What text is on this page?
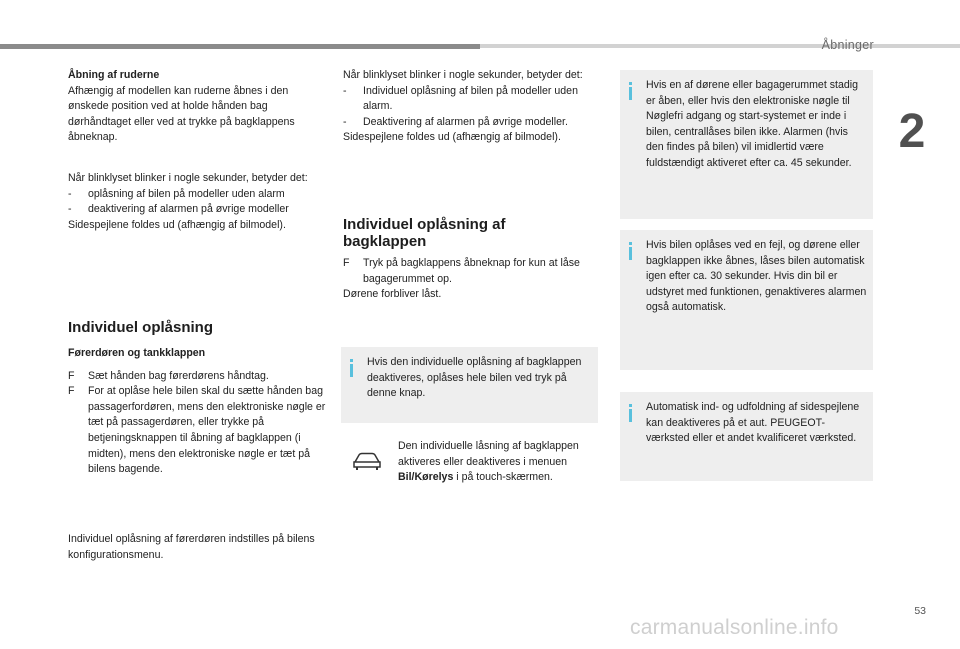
Åbninger
2

Åbning af ruderne

Afhængig af modellen kan ruderne åbnes i den ønskede position ved at holde hånden bag dørhåndtaget eller ved at trykke på bagklappens åbneknap.

Når blinklyset blinker i nogle sekunder, betyder det:

- oplåsning af bilen på modeller uden alarm

- deaktivering af alarmen på øvrige modeller

Sidespejlene foldes ud (afhængig af bilmodel).

Individuel oplåsning

Førerdøren og tankklappen

F Sæt hånden bag førerdørens håndtag.

F For at oplåse hele bilen skal du sætte hånden bag passagerfordøren, mens den elektroniske nøgle er tæt på passagerdøren, eller trykke på betjeningsknappen til åbning af bagklappen (i midten), mens den elektroniske nøgle er tæt på bilens bagende.

Individuel oplåsning af førerdøren indstilles på bilens konfigurationsmenu.

Når blinklyset blinker i nogle sekunder, betyder det:

- Individuel oplåsning af bilen på modeller uden alarm.

- Deaktivering af alarmen på øvrige modeller.

Sidespejlene foldes ud (afhængig af bilmodel).

Individuel oplåsning af bagklappen

F Tryk på bagklappens åbneknap for kun at låse bagagerummet op.

Dørene forbliver låst.

Hvis den individuelle oplåsning af bagklappen deaktiveres, oplåses hele bilen ved tryk på denne knap.

Den individuelle låsning af bagklappen aktiveres eller deaktiveres i menuen Bil/Kørelys i på touch-skærmen.

Hvis en af dørene eller bagagerummet stadig er åben, eller hvis den elektroniske nøgle til Nøglefri adgang og start-systemet er inde i bilen, centrallåses bilen ikke. Alarmen (hvis den findes på bilen) vil imidlertid være fuldstændigt aktiveret efter ca. 45 sekunder.
Hvis bilen oplåses ved en fejl, og dørene eller bagklappen ikke åbnes, låses bilen automatisk igen efter ca. 30 sekunder. Hvis din bil er udstyret med funktionen, genaktiveres alarmen også automatisk.
Automatisk ind- og udfoldning af sidespejlene kan deaktiveres på et aut. PEUGEOT-værksted eller et andet kvalificeret værksted.
53
carmanualsonline.info
